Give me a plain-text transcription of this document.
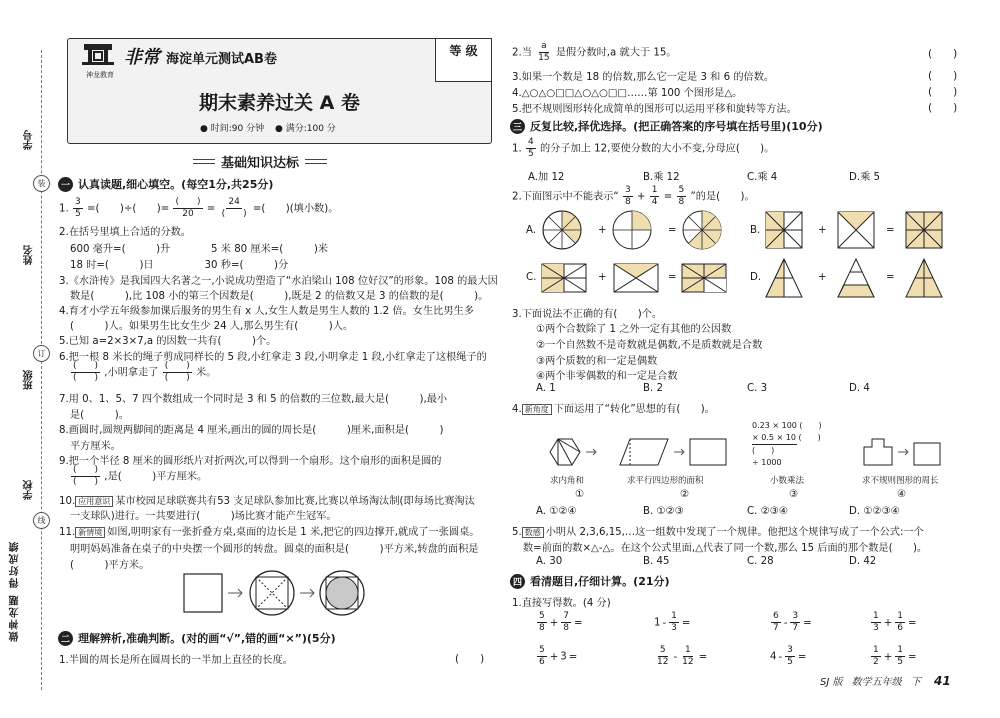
学号
装
姓名
订
班级
学校
线
做神龙题 得好成绩
神龙教育
非常 海淀单元测试AB卷
等 级
期末素养过关 A 卷
● 时间:90 分钟 ● 满分:100 分
基础知识达标
一 认真读题,细心填空。(每空1分,共25分)
1. $\frac{3}{5}$ =(　　)÷(　　)= $\frac{( )}{20} = \frac{24}{( )}$ =(　　)(填小数)。
2.在括号里填上合适的分数。
600 毫升=(　　　)升　　　　5 米 80 厘米=(　　　)米
18 时=(　　　)日　　　　　30 秒=(　　　)分
3.《水浒传》是我国四大名著之一,小说成功塑造了“水泊梁山 108 位好汉”的形象。108 的最大因
数是(　　　),比 108 小的第三个因数是(　　　),既是 2 的倍数又是 3 的倍数的是(　　　)。
4.育才小学五年级参加课后服务的男生有 x 人,女生人数是男生人数的 1.2 倍。女生比男生多
(　　　)人。如果男生比女生少 24 人,那么男生有(　　　)人。
5.已知 a=2×3×7,a 的因数一共有(　　　)个。
6.把一根 8 米长的绳子剪成同样长的 5 段,小红拿走 3 段,小明拿走 1 段,小红拿走了这根绳子的
$\frac{( )}{( )}$ ,小明拿走了 $\frac{( )}{( )}$ 米。
7.用 0、1、5、7 四个数组成一个同时是 3 和 5 的倍数的三位数,最大是(　　　),最小
是(　　　)。
8.画圆时,圆规两脚间的距离是 4 厘米,画出的圆的周长是(　　　)厘米,面积是(　　　)
平方厘米。
9.把一个半径 8 厘米的圆形纸片对折两次,可以得到一个扇形。这个扇形的面积是圆的
$\frac{( )}{( )}$ ,是(　　　)平方厘米。
10. 应用意识 某市校园足球联赛共有53 支足球队参加比赛,比赛以单场淘汰制(即每场比赛淘汰
一支球队)进行。一共要进行(　　　)场比赛才能产生冠军。
11. 新情境 如图,明明家有一张折叠方桌,桌面的边长是 1 米,把它的四边撑开,就成了一张圆桌。
明明妈妈准备在桌子的中央摆一个圆形的转盘。圆桌的面积是(　　　)平方米,转盘的面积是
(　　　)平方米。
二 理解辨析,准确判断。(对的画“√”,错的画“×”)(5分)
1.半圆的周长是所在圆周长的一半加上直径的长度。	(　　)
2.当 $\frac{a}{15}$ 是假分数时,a 就大于 15。	(　　)
3.如果一个数是 18 的倍数,那么它一定是 3 和 6 的倍数。	(　　)
4.△○△○□□△○△○□□……第 100 个图形是△。	(　　)
5.把不规则图形转化成简单的图形可以运用平移和旋转等方法。	(　　)
三 反复比较,择优选择。(把正确答案的序号填在括号里)(10分)
1. $\frac{4}{5}$ 的分子加上 12,要使分数的大小不变,分母应(　　)。
A.加 12	B.乘 12	C.乘 4	D.乘 5
2.下面图示中不能表示“ $\frac{3}{8} + \frac{1}{4} = \frac{5}{8}$ ”的是(　　)。
A.	+	=	B.	+	=
C.	+	=	D.	+	=
3.下面说法不正确的有(　　)个。
①两个合数除了 1 之外一定有其他的公因数
②一个自然数不是奇数就是偶数,不是质数就是合数
③两个质数的和一定是偶数
④两个非零偶数的和一定是合数
A. 1	B. 2	C. 3	D. 4
4. 新角度 下面运用了“转化”思想的有(　　)。
0.23 × 100 (　　)
× 0.5 × 10 (　　)
(　　)
÷ 1000
求内角和	求平行四边形的面积	小数乘法	求不规则图形的周长
①	②	③	④
A. ①②④	B. ①②③	C. ②③④	D. ①②③④
5. 数感 小明从 2,3,6,15,…这一组数中发现了一个规律。他把这个规律写成了一个公式:一个
数=前面的数×△-△。在这个公式里面,△代表了同一个数,那么 15 后面的那个数是(　　)。
A. 30	B. 45	C. 28	D. 42
四 看清题目,仔细计算。(21分)
1.直接写得数。(4 分)
$\frac{5}{8} + \frac{7}{8}$ =	$1 - \frac{1}{3}$ =	$\frac{6}{7} - \frac{3}{7}$ =	$\frac{1}{3} + \frac{1}{6}$ =
$\frac{5}{6} + 3$ =	$\frac{5}{12} - \frac{1}{12}$ =	$4 - \frac{3}{5}$ =	$\frac{1}{2} + \frac{1}{5}$ =
SJ 版 数学五年级 下 41
